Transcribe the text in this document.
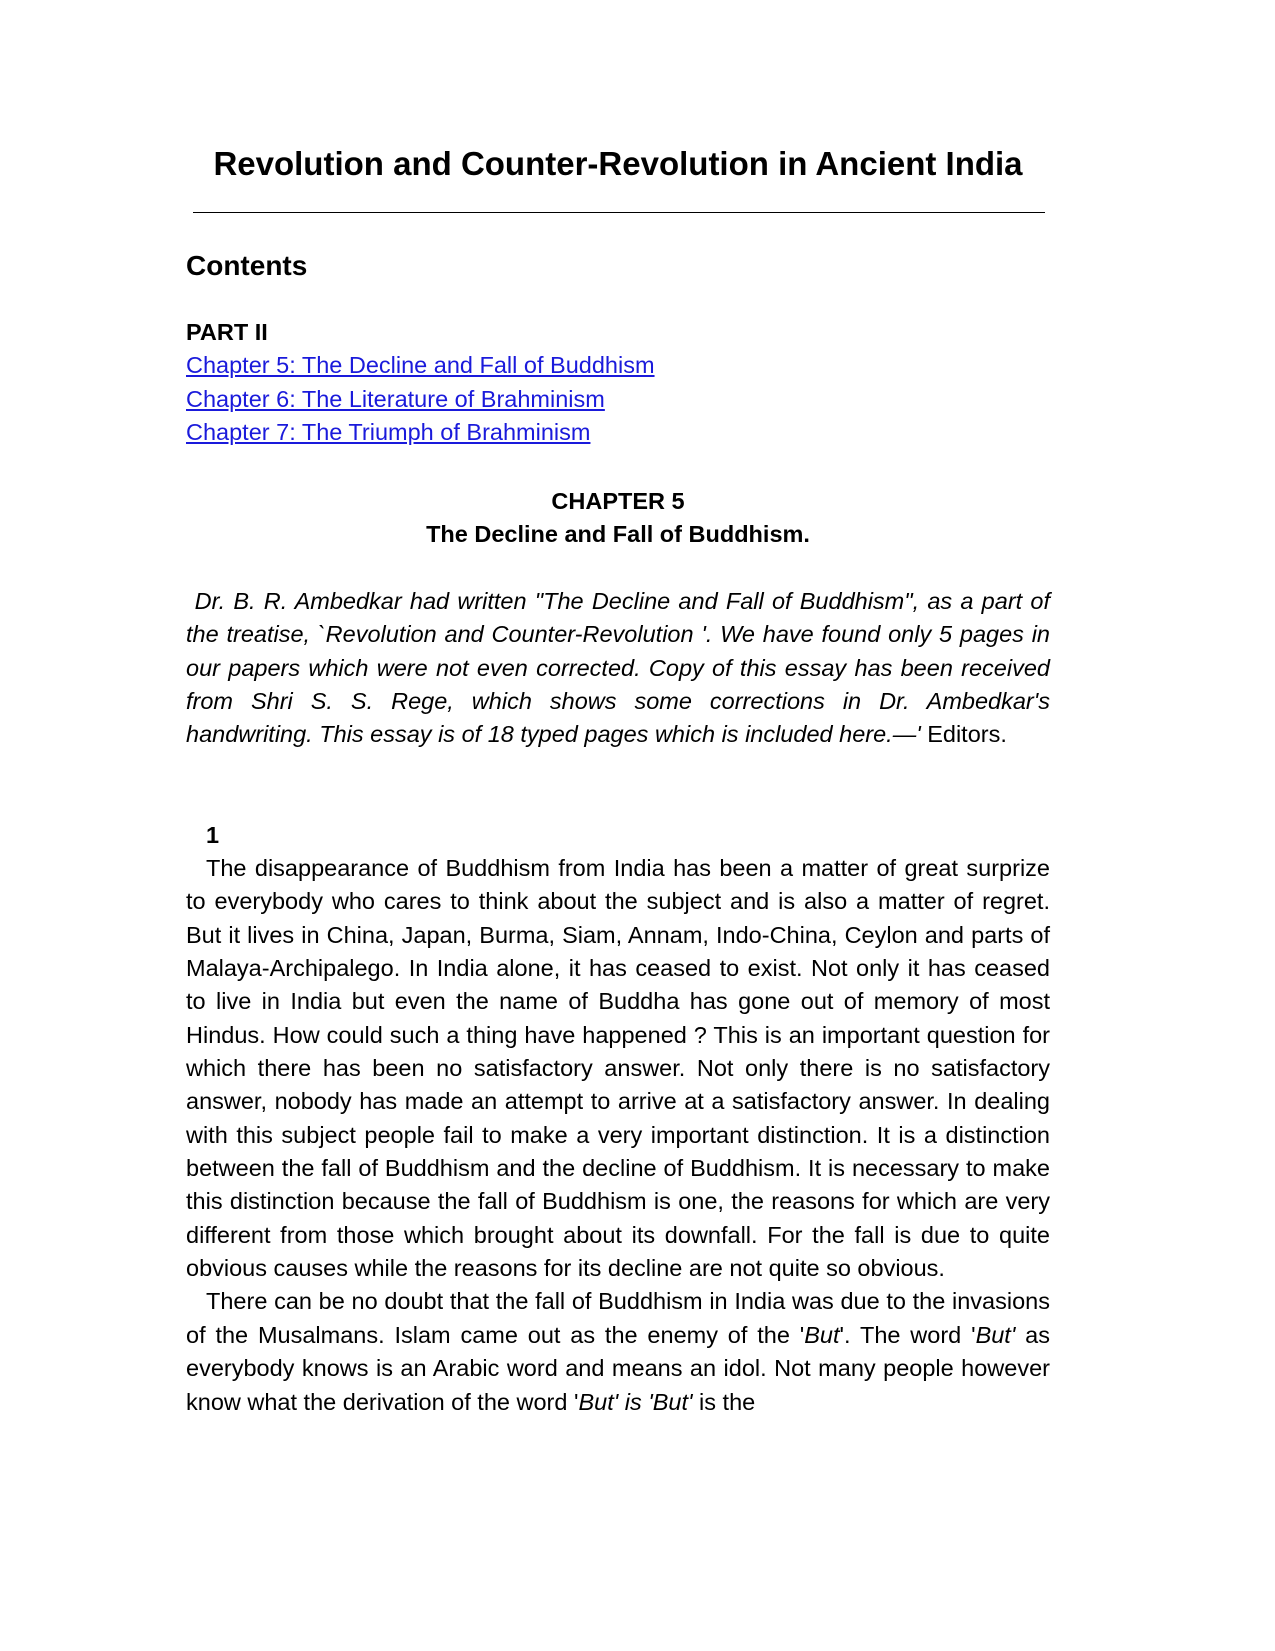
Revolution and Counter-Revolution in Ancient India
Contents
PART II
Chapter 5: The Decline and Fall of Buddhism
Chapter 6: The Literature of Brahminism
Chapter 7: The Triumph of Brahminism
CHAPTER 5
The Decline and Fall of Buddhism.
   Dr. B. R. Ambedkar had written "The Decline and Fall of Buddhism", as a part of the treatise, `Revolution and Counter-Revolution '. We have found only 5 pages in our papers which were not even corrected. Copy of this essay has been received from Shri S. S. Rege, which shows some corrections in Dr. Ambedkar's handwriting. This essay is of 18 typed pages which is included here.—' Editors.
1

The disappearance of Buddhism from India has been a matter of great surprize to everybody who cares to think about the subject and is also a matter of regret. But it lives in China, Japan, Burma, Siam, Annam, Indo-China, Ceylon and parts of Malaya-Archipalego. In India alone, it has ceased to exist. Not only it has ceased to live in India but even the name of Buddha has gone out of memory of most Hindus. How could such a thing have happened ? This is an important question for which there has been no satisfactory answer. Not only there is no satisfactory answer, nobody has made an attempt to arrive at a satisfactory answer. In dealing with this subject people fail to make a very important distinction. It is a distinction between the fall of Buddhism and the decline of Buddhism. It is necessary to make this distinction because the fall of Buddhism is one, the reasons for which are very different from those which brought about its downfall. For the fall is due to quite obvious causes while the reasons for its decline are not quite so obvious.

There can be no doubt that the fall of Buddhism in India was due to the invasions of the Musalmans. Islam came out as the enemy of the 'But'. The word 'But' as everybody knows is an Arabic word and means an idol. Not many people however know what the derivation of the word 'But' is 'But' is the
